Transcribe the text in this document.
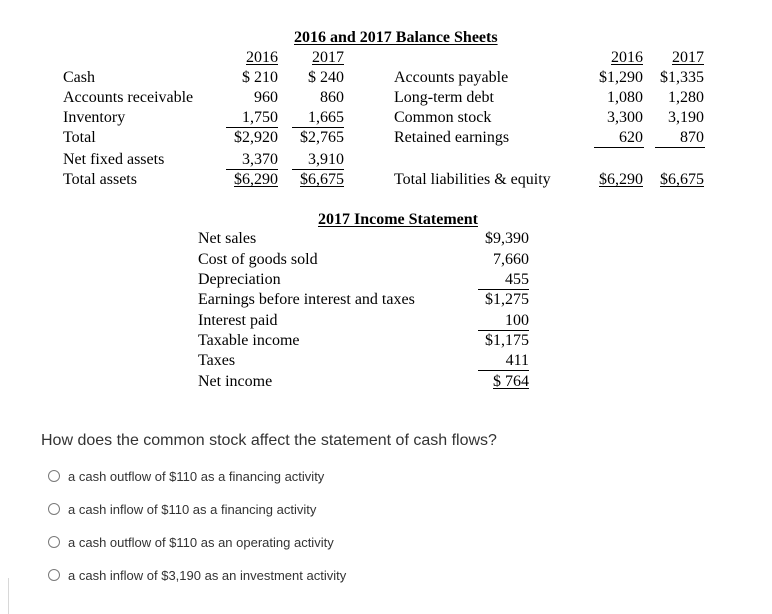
2016 and 2017 Balance Sheets
2016 2017
Cash	$ 210 $ 240
Accounts receivable	960	860
Inventory	1,750 1,665
Total	$2,920 $2,765
Net fixed assets	3,370 3,910
Total assets	$6,290 $6,675
2016 2017
Accounts payable	$1,290 $1,335
Long-term debt	1,080 1,280
Common stock	3,300 3,190
Retained earnings	620 870
Total liabilities & equity	$6,290 $6,675
2017 Income Statement
Net sales	$9,390
Cost of goods sold	7,660
Depreciation	455
Earnings before interest and taxes	$1,275
Interest paid	100
Taxable income	$1,175
Taxes	411
Net income	$ 764
How does the common stock affect the statement of cash flows?
a cash outflow of $110 as a financing activity
a cash inflow of $110 as a financing activity
a cash outflow of $110 as an operating activity
a cash inflow of $3,190 as an investment activity
